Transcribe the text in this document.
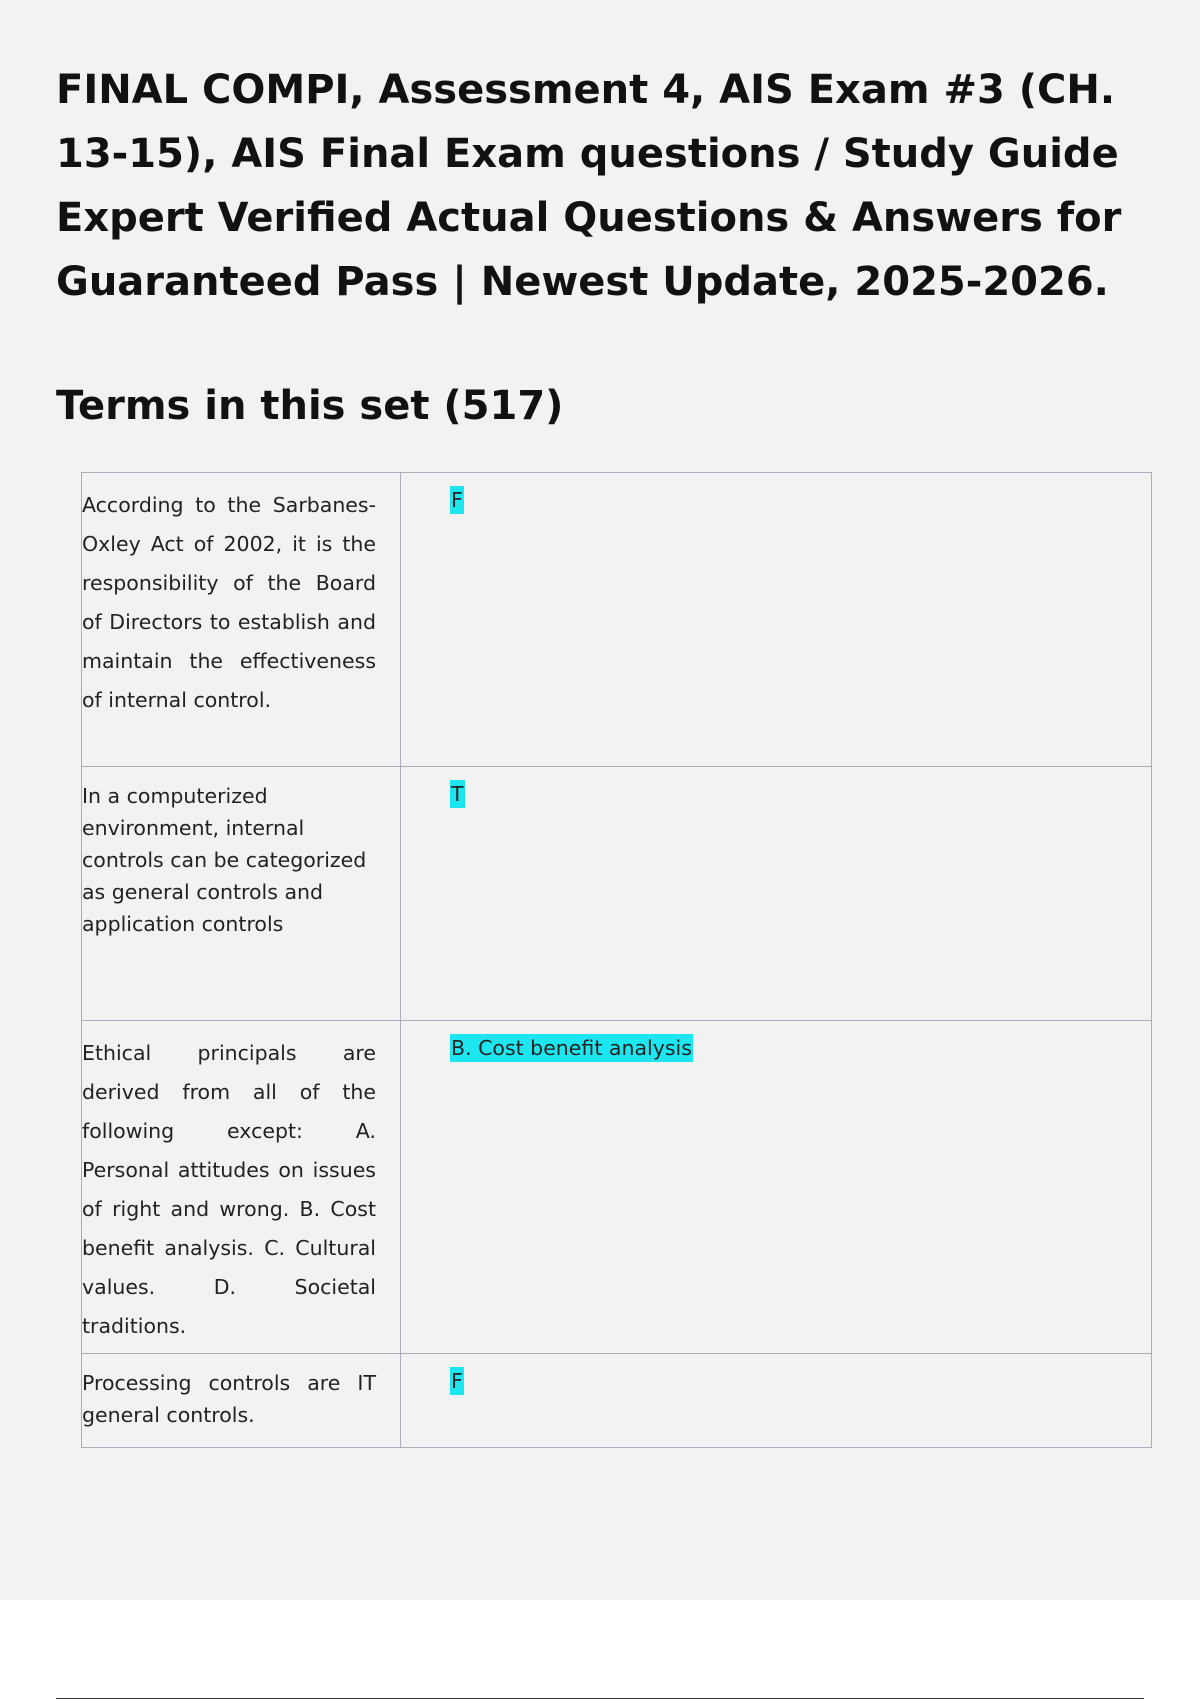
FINAL COMPI, Assessment 4, AIS Exam #3 (CH. 13-15), AIS Final Exam questions / Study Guide Expert Verified Actual Questions & Answers for Guaranteed Pass | Newest Update, 2025-2026.
Terms in this set (517)

According to the Sarbanes-Oxley Act of 2002, it is the responsibility of the Board of Directors to establish and maintain the effectiveness of internal control.	F

In a computerized environment, internal controls can be categorized as general controls and application controls	T

Ethical principals are derived from all of the following except: A. Personal attitudes on issues of right and wrong. B. Cost benefit analysis. C. Cultural values. D. Societal traditions.	B. Cost benefit analysis

Processing controls are IT general controls.	F
